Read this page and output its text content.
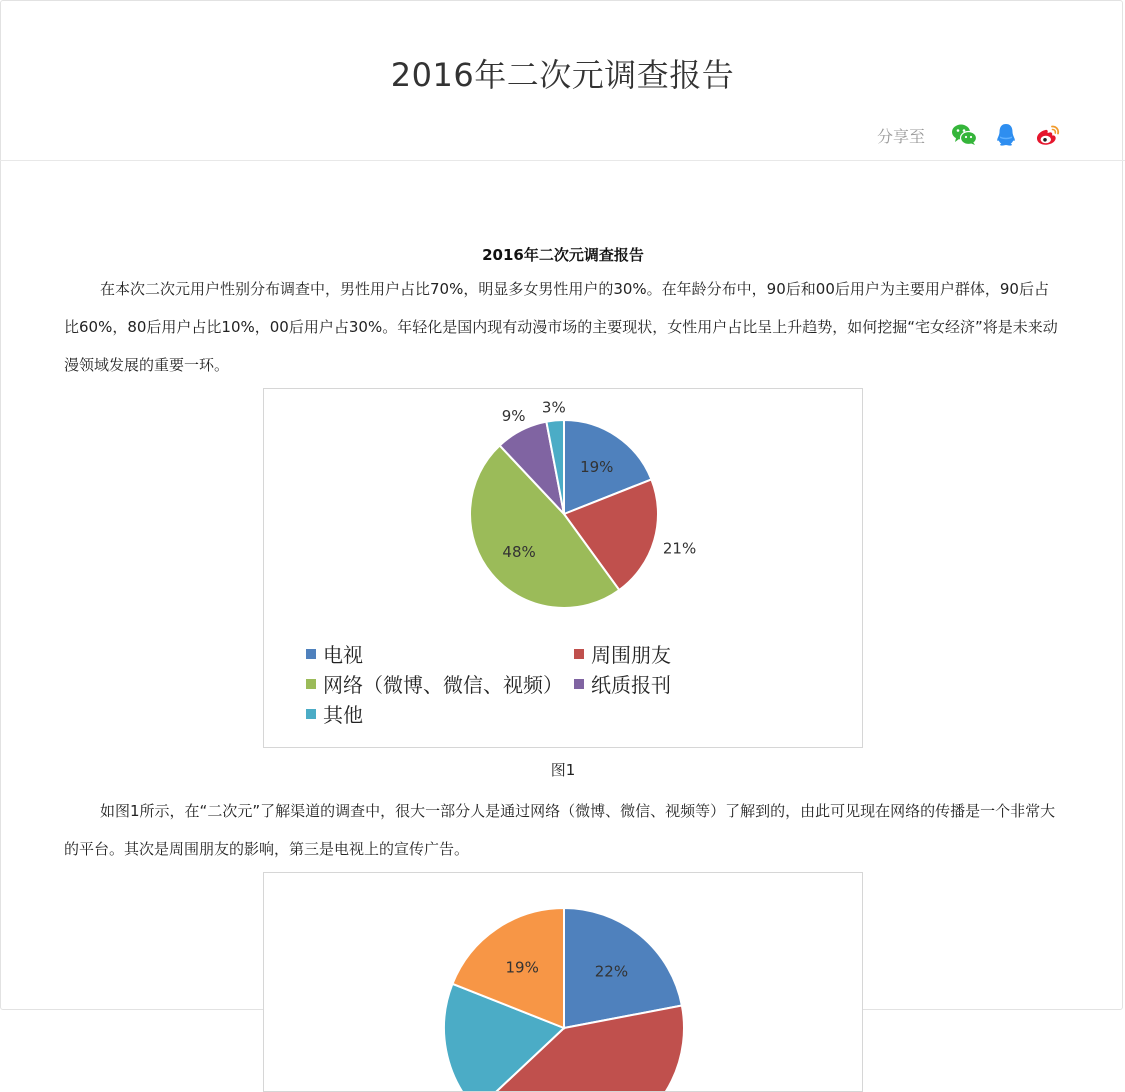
2016年二次元调查报告
分享至
2016年二次元调查报告

在本次二次元用户性别分布调查中，男性用户占比70%，明显多女男性用户的30%。在年龄分布中，90后和00后用户为主要用户群体，90后占比60%，80后用户占比10%，00后用户占30%。年轻化是国内现有动漫市场的主要现状，女性用户占比呈上升趋势，如何挖掘“宅女经济”将是未来动漫领域发展的重要一环。

19%
21%
48%
9% 3%
电视	周围朋友
网络（微博、微信、视频） 纸质报刊
其他
图1

如图1所示，在“二次元”了解渠道的调查中，很大一部分人是通过网络（微博、微信、视频等）了解到的，由此可见现在网络的传播是一个非常大的平台。其次是周围朋友的影响，第三是电视上的宣传广告。

22%
19%
